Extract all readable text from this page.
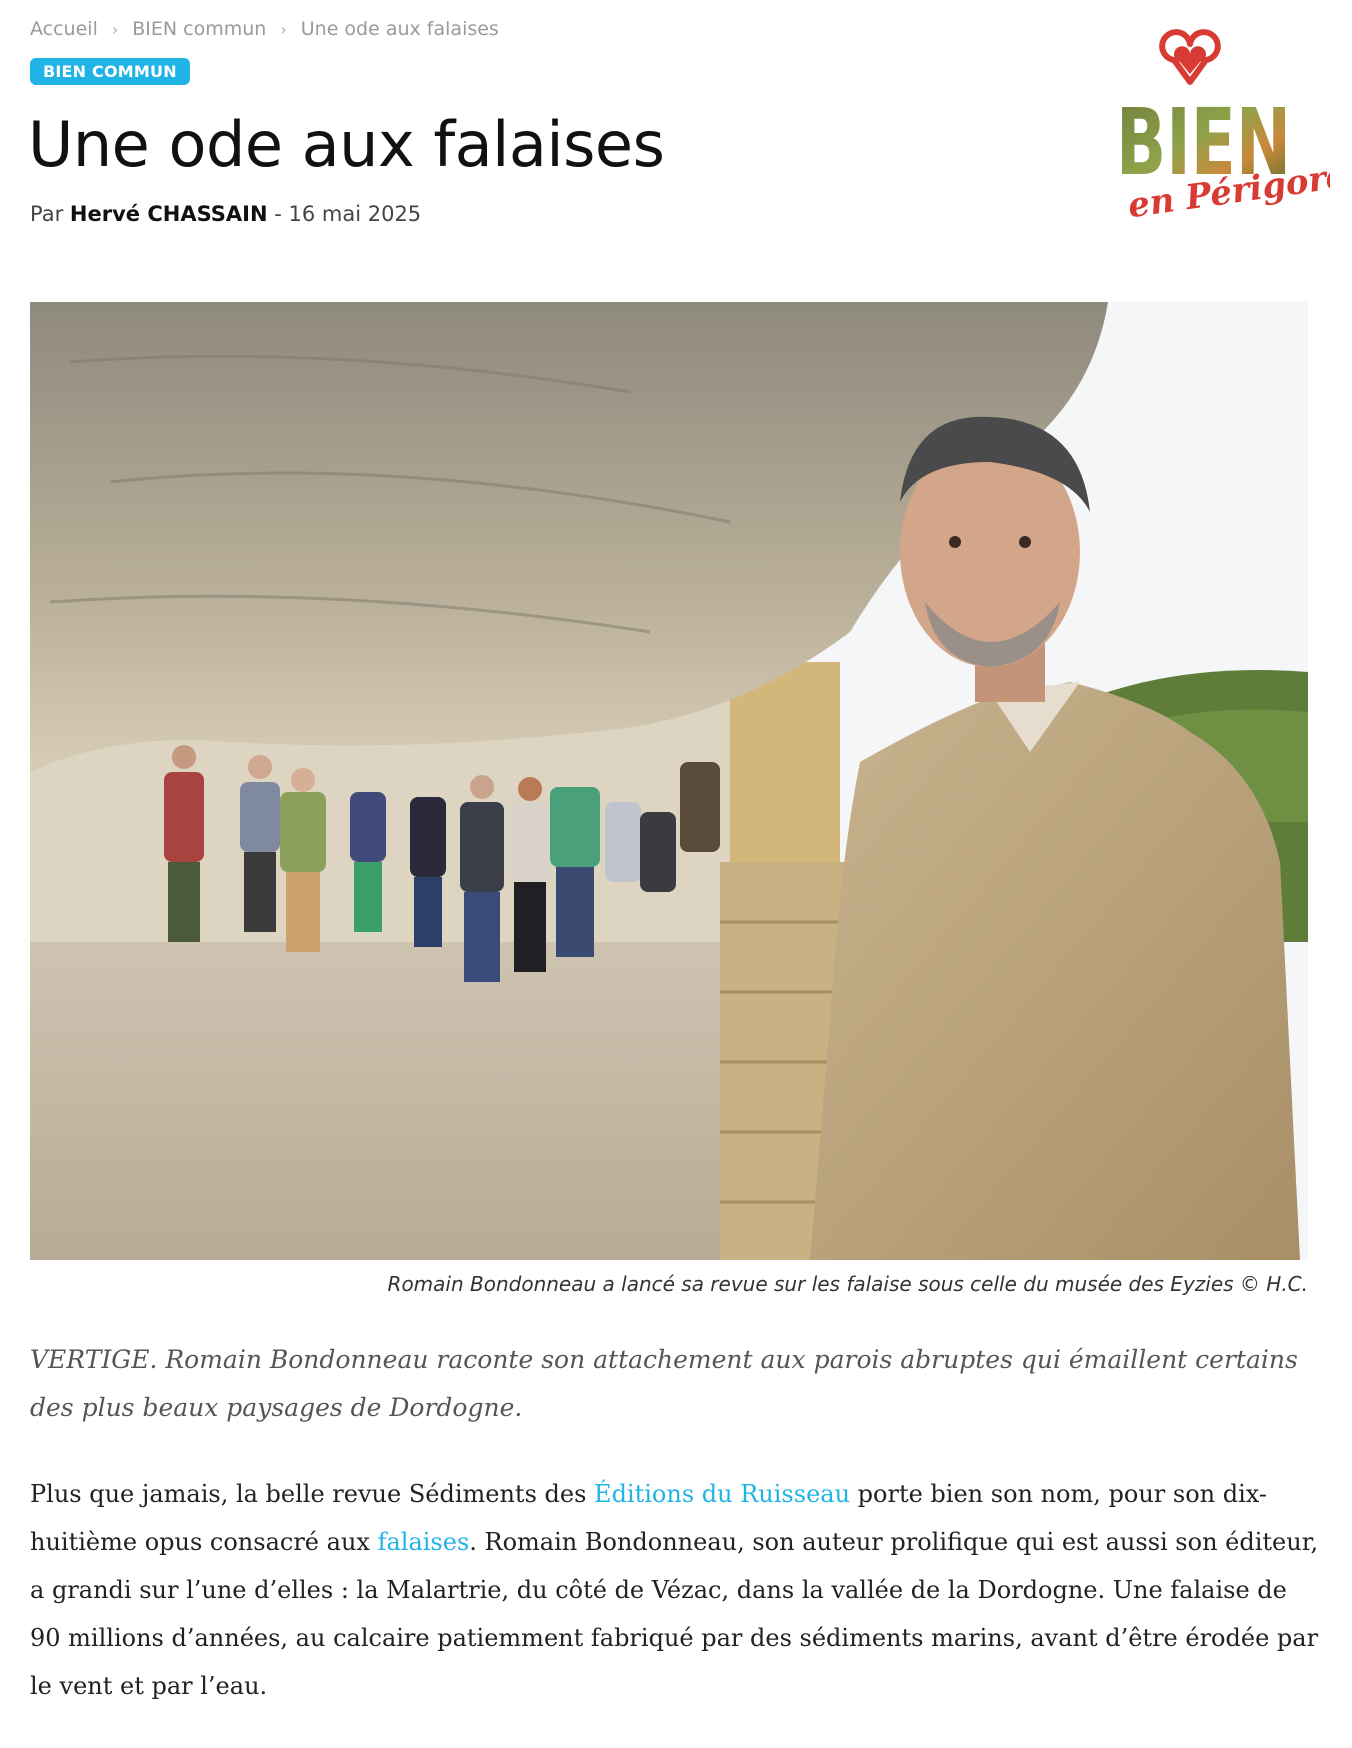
Accueil › BIEN commun › Une ode aux falaises
BIEN COMMUN
Une ode aux falaises
Par Hervé CHASSAIN - 16 mai 2025
BIEN
en Périgord
Romain Bondonneau a lancé sa revue sur les falaise sous celle du musée des Eyzies © H.C.

VERTIGE. Romain Bondonneau raconte son attachement aux parois abruptes qui émaillent certains des plus beaux paysages de Dordogne.

Plus que jamais, la belle revue Sédiments des Éditions du Ruisseau porte bien son nom, pour son dix-huitième opus consacré aux falaises. Romain Bondonneau, son auteur prolifique qui est aussi son éditeur, a grandi sur l’une d’elles : la Malartrie, du côté de Vézac, dans la vallée de la Dordogne. Une falaise de 90 millions d’années, au calcaire patiemment fabriqué par des sédiments marins, avant d’être érodée par le vent et par l’eau.
